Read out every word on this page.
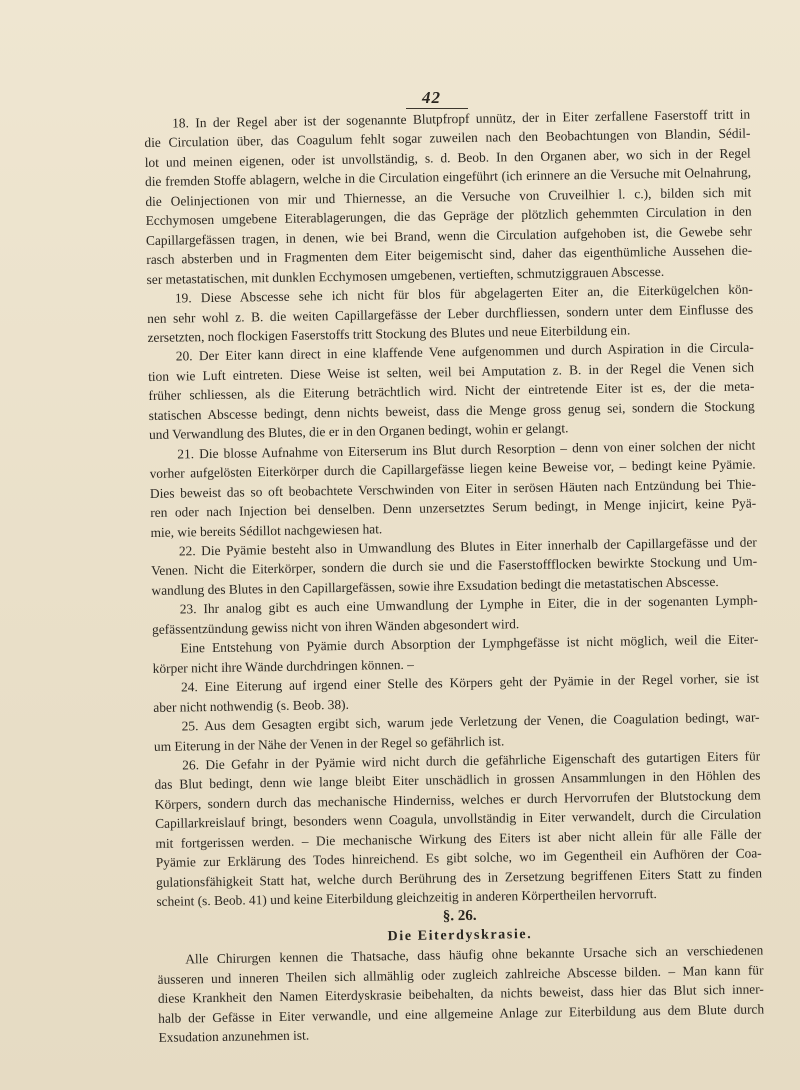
42

18. In der Regel aber ist der sogenannte Blutpfropf unnütz, der in Eiter zerfallene Faserstoff tritt in
die Circulation über, das Coagulum fehlt sogar zuweilen nach den Beobachtungen von Blandin, Sédil-
lot und meinen eigenen, oder ist unvollständig, s. d. Beob. In den Organen aber, wo sich in der Regel
die fremden Stoffe ablagern, welche in die Circulation eingeführt (ich erinnere an die Versuche mit Oelnahrung,
die Oelinjectionen von mir und Thiernesse, an die Versuche von Cruveilhier l. c.), bilden sich mit
Ecchymosen umgebene Eiterablagerungen, die das Gepräge der plötzlich gehemmten Circulation in den
Capillargefässen tragen, in denen, wie bei Brand, wenn die Circulation aufgehoben ist, die Gewebe sehr
rasch absterben und in Fragmenten dem Eiter beigemischt sind, daher das eigenthümliche Aussehen die-
ser metastatischen, mit dunklen Ecchymosen umgebenen, vertieften, schmutziggrauen Abscesse.

19. Diese Abscesse sehe ich nicht für blos für abgelagerten Eiter an, die Eiterkügelchen kön-
nen sehr wohl z. B. die weiten Capillargefässe der Leber durchfliessen, sondern unter dem Einflusse des
zersetzten, noch flockigen Faserstoffs tritt Stockung des Blutes und neue Eiterbildung ein.

20. Der Eiter kann direct in eine klaffende Vene aufgenommen und durch Aspiration in die Circula-
tion wie Luft eintreten. Diese Weise ist selten, weil bei Amputation z. B. in der Regel die Venen sich
früher schliessen, als die Eiterung beträchtlich wird. Nicht der eintretende Eiter ist es, der die meta-
statischen Abscesse bedingt, denn nichts beweist, dass die Menge gross genug sei, sondern die Stockung
und Verwandlung des Blutes, die er in den Organen bedingt, wohin er gelangt.

21. Die blosse Aufnahme von Eiterserum ins Blut durch Resorption – denn von einer solchen der nicht
vorher aufgelösten Eiterkörper durch die Capillargefässe liegen keine Beweise vor, – bedingt keine Pyämie.
Dies beweist das so oft beobachtete Verschwinden von Eiter in serösen Häuten nach Entzündung bei Thie-
ren oder nach Injection bei denselben. Denn unzersetztes Serum bedingt, in Menge injicirt, keine Pyä-
mie, wie bereits Sédillot nachgewiesen hat.

22. Die Pyämie besteht also in Umwandlung des Blutes in Eiter innerhalb der Capillargefässe und der
Venen. Nicht die Eiterkörper, sondern die durch sie und die Faserstoffflocken bewirkte Stockung und Um-
wandlung des Blutes in den Capillargefässen, sowie ihre Exsudation bedingt die metastatischen Abscesse.

23. Ihr analog gibt es auch eine Umwandlung der Lymphe in Eiter, die in der sogenanten Lymph-
gefässentzündung gewiss nicht von ihren Wänden abgesondert wird.

Eine Entstehung von Pyämie durch Absorption der Lymphgefässe ist nicht möglich, weil die Eiter-
körper nicht ihre Wände durchdringen können. –

24. Eine Eiterung auf irgend einer Stelle des Körpers geht der Pyämie in der Regel vorher, sie ist
aber nicht nothwendig (s. Beob. 38).

25. Aus dem Gesagten ergibt sich, warum jede Verletzung der Venen, die Coagulation bedingt, war-
um Eiterung in der Nähe der Venen in der Regel so gefährlich ist.

26. Die Gefahr in der Pyämie wird nicht durch die gefährliche Eigenschaft des gutartigen Eiters für
das Blut bedingt, denn wie lange bleibt Eiter unschädlich in grossen Ansammlungen in den Höhlen des
Körpers, sondern durch das mechanische Hinderniss, welches er durch Hervorrufen der Blutstockung dem
Capillarkreislauf bringt, besonders wenn Coagula, unvollständig in Eiter verwandelt, durch die Circulation
mit fortgerissen werden. – Die mechanische Wirkung des Eiters ist aber nicht allein für alle Fälle der
Pyämie zur Erklärung des Todes hinreichend. Es gibt solche, wo im Gegentheil ein Aufhören der Coa-
gulationsfähigkeit Statt hat, welche durch Berührung des in Zersetzung begriffenen Eiters Statt zu finden
scheint (s. Beob. 41) und keine Eiterbildung gleichzeitig in anderen Körpertheilen hervorruft.

§. 26.

Die Eiterdyskrasie.

Alle Chirurgen kennen die Thatsache, dass häufig ohne bekannte Ursache sich an verschiedenen
äusseren und inneren Theilen sich allmählig oder zugleich zahlreiche Abscesse bilden. – Man kann für
diese Krankheit den Namen Eiterdyskrasie beibehalten, da nichts beweist, dass hier das Blut sich inner-
halb der Gefässe in Eiter verwandle, und eine allgemeine Anlage zur Eiterbildung aus dem Blute durch
Exsudation anzunehmen ist.
